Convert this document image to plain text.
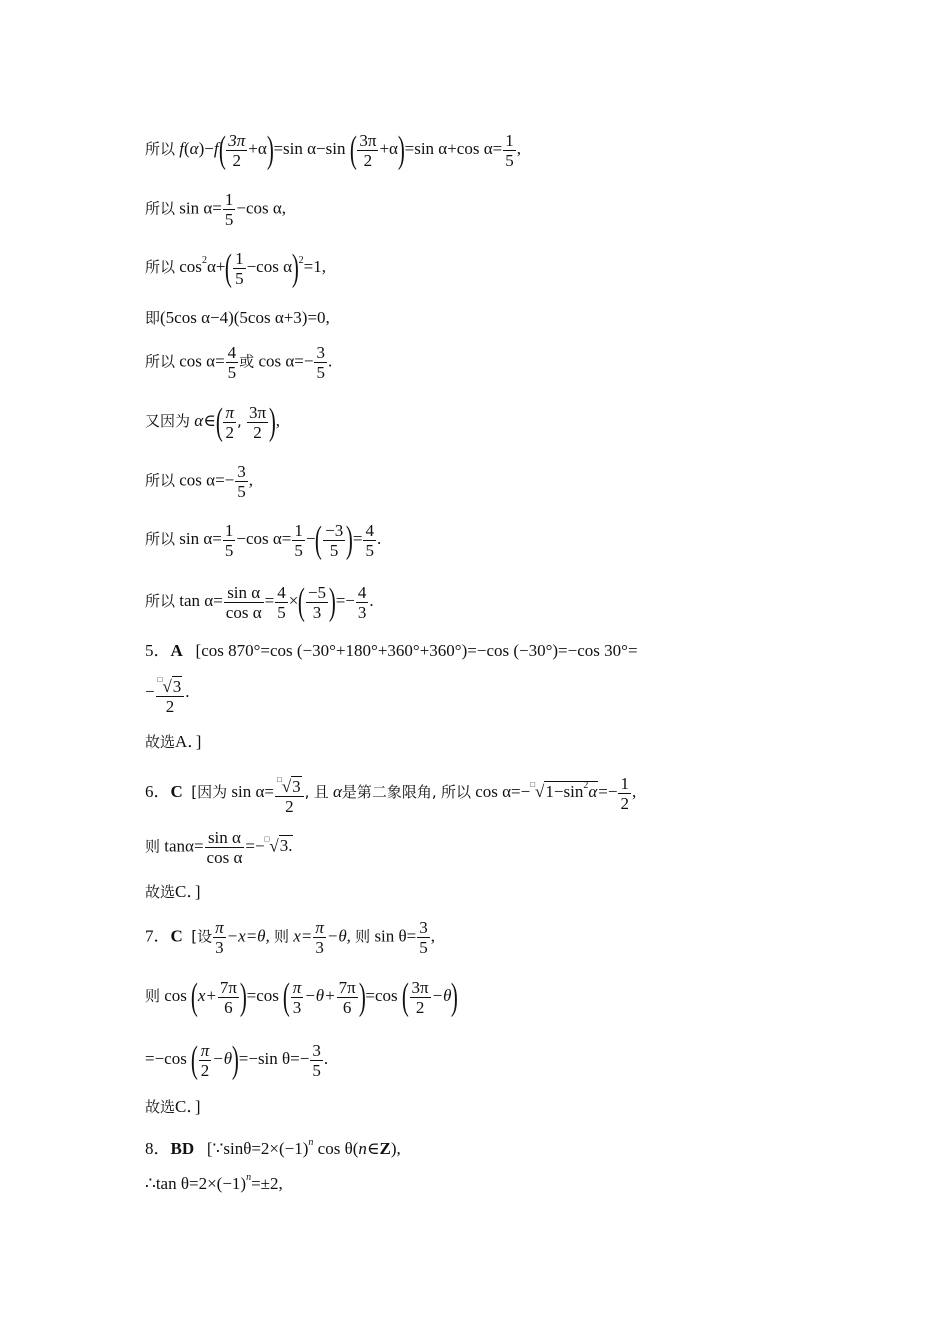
所以 $f(\alpha)-f( \frac{3\pi}{2} +\alpha)=\sin$ α−sin ( $\frac{3\pi}{2} +\alpha)=\sin$ α+cos $\alpha= \frac{1}{5}$ ,
所以 $\sin \alpha= \frac{1}{5} -\cos$ α,
所以 $\cos^2\alpha+( \frac{1}{5} -\cos$ α)$^2$=1,
即(5cos α−4)(5cos α+3)=0,
所以 $\cos \alpha= \frac{4}{5}$ 或 $\cos \alpha=- \frac{3}{5}$ .
又因为 α∈( $\frac{\pi}{2}$ , $\frac{3\pi}{2}$ ),
所以 $\cos \alpha=- \frac{3}{5}$ ,
所以 $\sin \alpha= \frac{1}{5} -\cos$ $\alpha= \frac{1}{5}$ −( $\frac{-3}{5}$ )= $\frac{4}{5}$ .
所以 $\tan \alpha= \frac{\text{sin α}}{\text{cos α}} = \frac{4}{5}$ ×( $\frac{-5}{3}$ )=− $\frac{4}{3}$ .
5．A [cos 870°=cos (−30°+180°+360°+360°)=−cos (−30°)=−cos 30°=
− $\frac{^□√3}{2}$ .
故选A．]
6．C [因为 $\sin \alpha= \frac{^□√3}{2}$ , 且 α是第二象限角, 所以 $\cos \alpha=-^□√1-\sin^2\alpha=- \frac{1}{2}$ ,
则 $\tan\alpha= \frac{\text{sin α}}{\text{cos α}} =-^□√3$.
故选C．]
7．C [设 $\frac{\pi}{3} -x=\theta$, 则 $x= \frac{\pi}{3} -\theta$, 则 $\sin \theta= \frac{3}{5}$ ,
则 $\cos (x+ \frac{7\pi}{6} )=\cos$ ( $\frac{\pi}{3} -\theta+ \frac{7\pi}{6} )=\cos$ ( $\frac{3\pi}{2} -\theta$)
=−cos ( $\frac{\pi}{2} -\theta)=-\sin$ $\theta=- \frac{3}{5}$ .
故选C．]
8．BD [$\because\sin\theta=2\times(-1)^n$ cos θ(n∈Z),
∴tan $\theta=2\times(-1)^n=\pm 2$,
